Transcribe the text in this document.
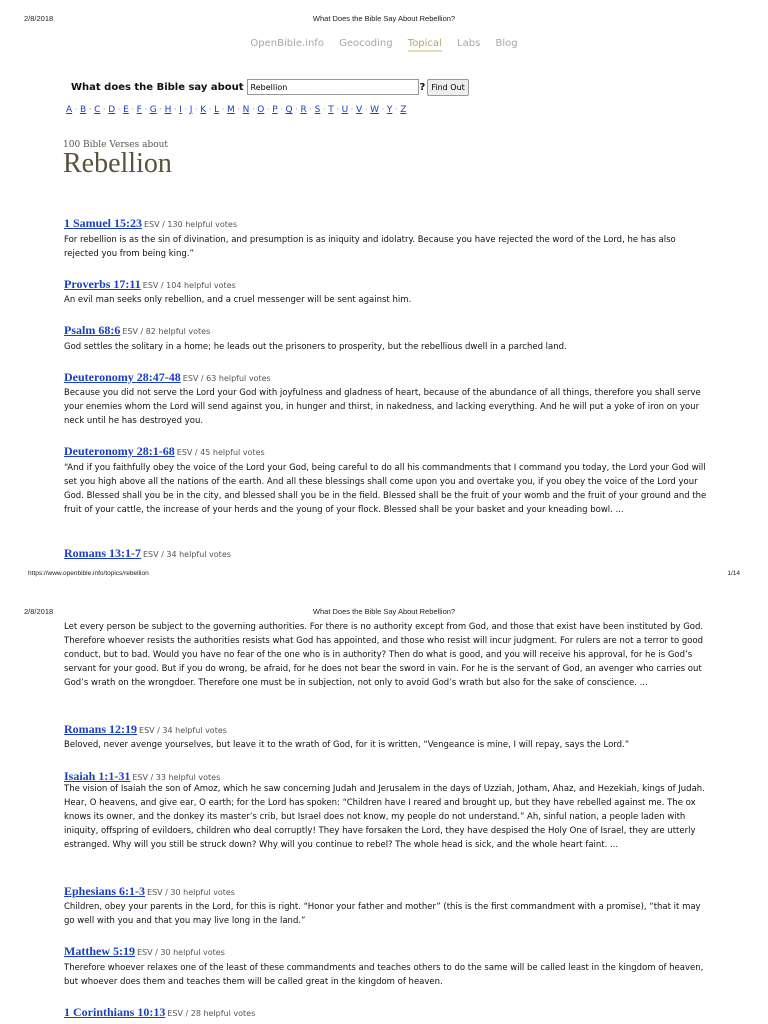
2/8/2018	What Does the Bible Say About Rebellion?
OpenBible.info Geocoding Topical Labs Blog
What does the Bible say about
Rebellion	? Find Out
A · B · C · D · E · F · G · H · I · J · K · L · M · N · O · P · Q · R · S · T · U · V · W · Y · Z
100 Bible Verses about
Rebellion
1 Samuel 15:23 ESV / 130 helpful votes
For rebellion is as the sin of divination, and presumption is as iniquity and idolatry. Because you have rejected the word of the Lord, he has also rejected you from being king.”
Proverbs 17:11 ESV / 104 helpful votes
An evil man seeks only rebellion, and a cruel messenger will be sent against him.
Psalm 68:6 ESV / 82 helpful votes
God settles the solitary in a home; he leads out the prisoners to prosperity, but the rebellious dwell in a parched land.
Deuteronomy 28:47-48 ESV / 63 helpful votes
Because you did not serve the Lord your God with joyfulness and gladness of heart, because of the abundance of all things, therefore you shall serve your enemies whom the Lord will send against you, in hunger and thirst, in nakedness, and lacking everything. And he will put a yoke of iron on your neck until he has destroyed you.
Deuteronomy 28:1-68 ESV / 45 helpful votes
“And if you faithfully obey the voice of the Lord your God, being careful to do all his commandments that I command you today, the Lord your God will set you high above all the nations of the earth. And all these blessings shall come upon you and overtake you, if you obey the voice of the Lord your God. Blessed shall you be in the city, and blessed shall you be in the field. Blessed shall be the fruit of your womb and the fruit of your ground and the fruit of your cattle, the increase of your herds and the young of your flock. Blessed shall be your basket and your kneading bowl. ...
Romans 13:1-7 ESV / 34 helpful votes
Let every person be subject to the governing authorities. For there is no authority except from God, and those that exist have been instituted by God. Therefore whoever resists the authorities resists what God has appointed, and those who resist will incur judgment. For rulers are not a terror to good conduct, but to bad. Would you have no fear of the one who is in authority? Then do what is good, and you will receive his approval, for he is God’s servant for your good. But if you do wrong, be afraid, for he does not bear the sword in vain. For he is the servant of God, an avenger who carries out God’s wrath on the wrongdoer. Therefore one must be in subjection, not only to avoid God’s wrath but also for the sake of conscience. ...
https://www.openbible.info/topics/rebellion	1/14
2/8/2018	What Does the Bible Say About Rebellion?
Romans 12:19 ESV / 34 helpful votes
Beloved, never avenge yourselves, but leave it to the wrath of God, for it is written, “Vengeance is mine, I will repay, says the Lord.”
Isaiah 1:1-31 ESV / 33 helpful votes
The vision of Isaiah the son of Amoz, which he saw concerning Judah and Jerusalem in the days of Uzziah, Jotham, Ahaz, and Hezekiah, kings of Judah. Hear, O heavens, and give ear, O earth; for the Lord has spoken: “Children have I reared and brought up, but they have rebelled against me. The ox knows its owner, and the donkey its master’s crib, but Israel does not know, my people do not understand.” Ah, sinful nation, a people laden with iniquity, offspring of evildoers, children who deal corruptly! They have forsaken the Lord, they have despised the Holy One of Israel, they are utterly estranged. Why will you still be struck down? Why will you continue to rebel? The whole head is sick, and the whole heart faint. ...
Ephesians 6:1-3 ESV / 30 helpful votes
Children, obey your parents in the Lord, for this is right. “Honor your father and mother” (this is the first commandment with a promise), “that it may go well with you and that you may live long in the land.”
Matthew 5:19 ESV / 30 helpful votes
Therefore whoever relaxes one of the least of these commandments and teaches others to do the same will be called least in the kingdom of heaven, but whoever does them and teaches them will be called great in the kingdom of heaven.
1 Corinthians 10:13 ESV / 28 helpful votes
